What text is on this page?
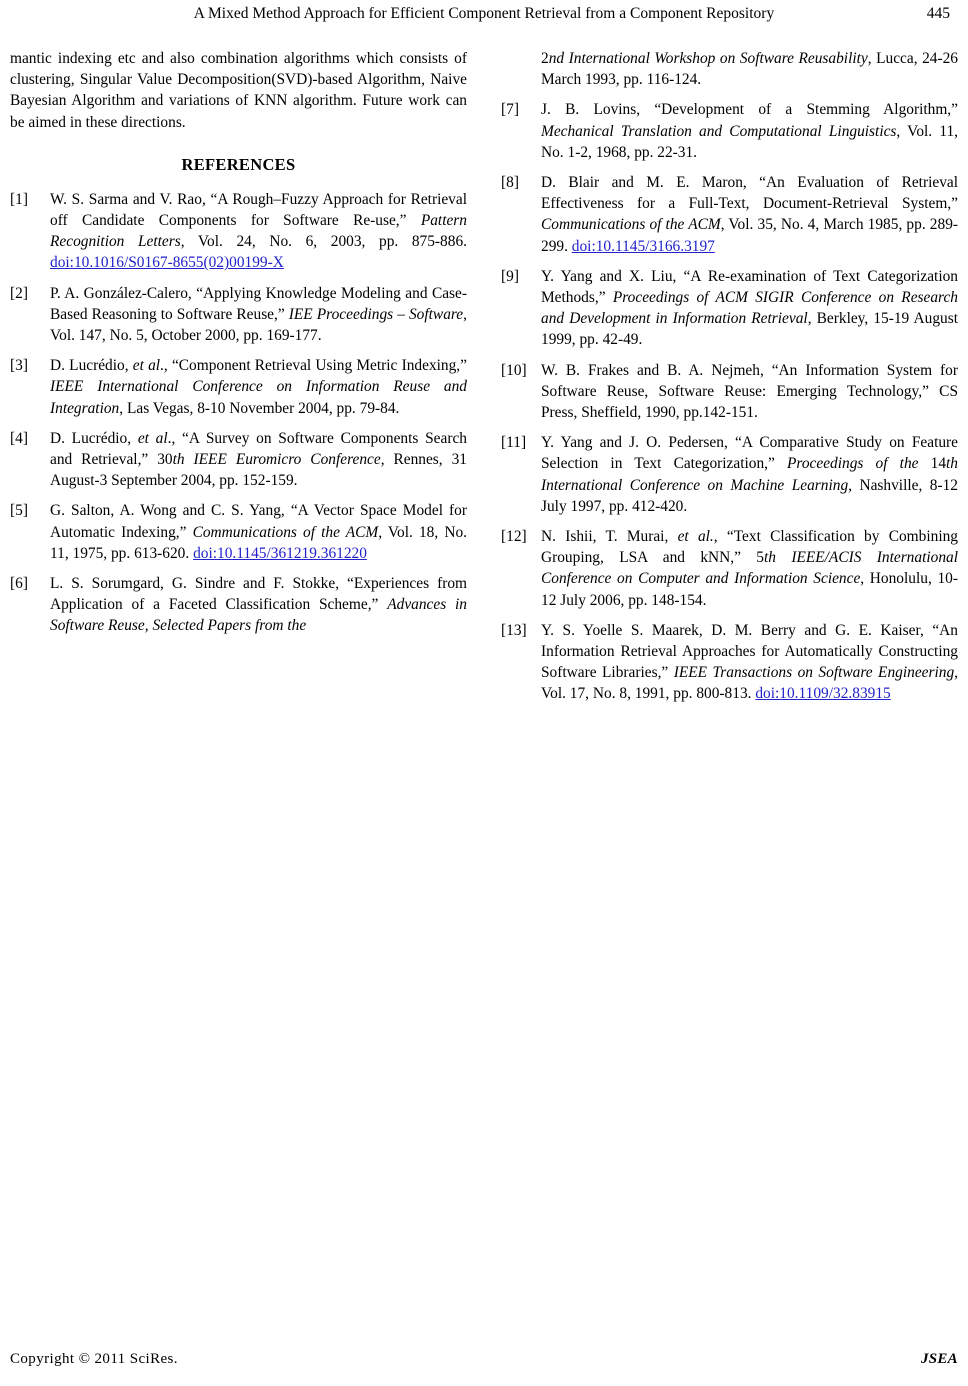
A Mixed Method Approach for Efficient Component Retrieval from a Component Repository	445

mantic indexing etc and also combination algorithms which consists of clustering, Singular Value Decomposition(SVD)-based Algorithm, Naive Bayesian Algorithm and variations of KNN algorithm. Future work can be aimed in these directions.

REFERENCES
[1] W. S. Sarma and V. Rao, “A Rough–Fuzzy Approach for Retrieval off Candidate Components for Software Re-use,” Pattern Recognition Letters, Vol. 24, No. 6, 2003, pp. 875-886. doi:10.1016/S0167-8655(02)00199-X
[2] P. A. González-Calero, “Applying Knowledge Modeling and Case-Based Reasoning to Software Reuse,” IEE Proceedings – Software, Vol. 147, No. 5, October 2000, pp. 169-177.
[3] D. Lucrédio, et al., “Component Retrieval Using Metric Indexing,” IEEE International Conference on Information Reuse and Integration, Las Vegas, 8-10 November 2004, pp. 79-84.
[4] D. Lucrédio, et al., “A Survey on Software Components Search and Retrieval,” 30th IEEE Euromicro Conference, Rennes, 31 August-3 September 2004, pp. 152-159.
[5] G. Salton, A. Wong and C. S. Yang, “A Vector Space Model for Automatic Indexing,” Communications of the ACM, Vol. 18, No. 11, 1975, pp. 613-620. doi:10.1145/361219.361220
[6] L. S. Sorumgard, G. Sindre and F. Stokke, “Experiences from Application of a Faceted Classification Scheme,” Advances in Software Reuse, Selected Papers from the
2nd International Workshop on Software Reusability, Lucca, 24-26 March 1993, pp. 116-124.
[7] J. B. Lovins, “Development of a Stemming Algorithm,” Mechanical Translation and Computational Linguistics, Vol. 11, No. 1-2, 1968, pp. 22-31.
[8] D. Blair and M. E. Maron, “An Evaluation of Retrieval Effectiveness for a Full-Text, Document-Retrieval System,” Communications of the ACM, Vol. 35, No. 4, March 1985, pp. 289-299. doi:10.1145/3166.3197
[9] Y. Yang and X. Liu, “A Re-examination of Text Categorization Methods,” Proceedings of ACM SIGIR Conference on Research and Development in Information Retrieval, Berkley, 15-19 August 1999, pp. 42-49.
[10] W. B. Frakes and B. A. Nejmeh, “An Information System for Software Reuse, Software Reuse: Emerging Technology,” CS Press, Sheffield, 1990, pp.142-151.
[11] Y. Yang and J. O. Pedersen, “A Comparative Study on Feature Selection in Text Categorization,” Proceedings of the 14th International Conference on Machine Learning, Nashville, 8-12 July 1997, pp. 412-420.
[12] N. Ishii, T. Murai, et al., “Text Classification by Combining Grouping, LSA and kNN,” 5th IEEE/ACIS International Conference on Computer and Information Science, Honolulu, 10-12 July 2006, pp. 148-154.
[13] Y. S. Yoelle S. Maarek, D. M. Berry and G. E. Kaiser, “An Information Retrieval Approaches for Automatically Constructing Software Libraries,” IEEE Transactions on Software Engineering, Vol. 17, No. 8, 1991, pp. 800-813. doi:10.1109/32.83915
Copyright © 2011 SciRes.	JSEA
